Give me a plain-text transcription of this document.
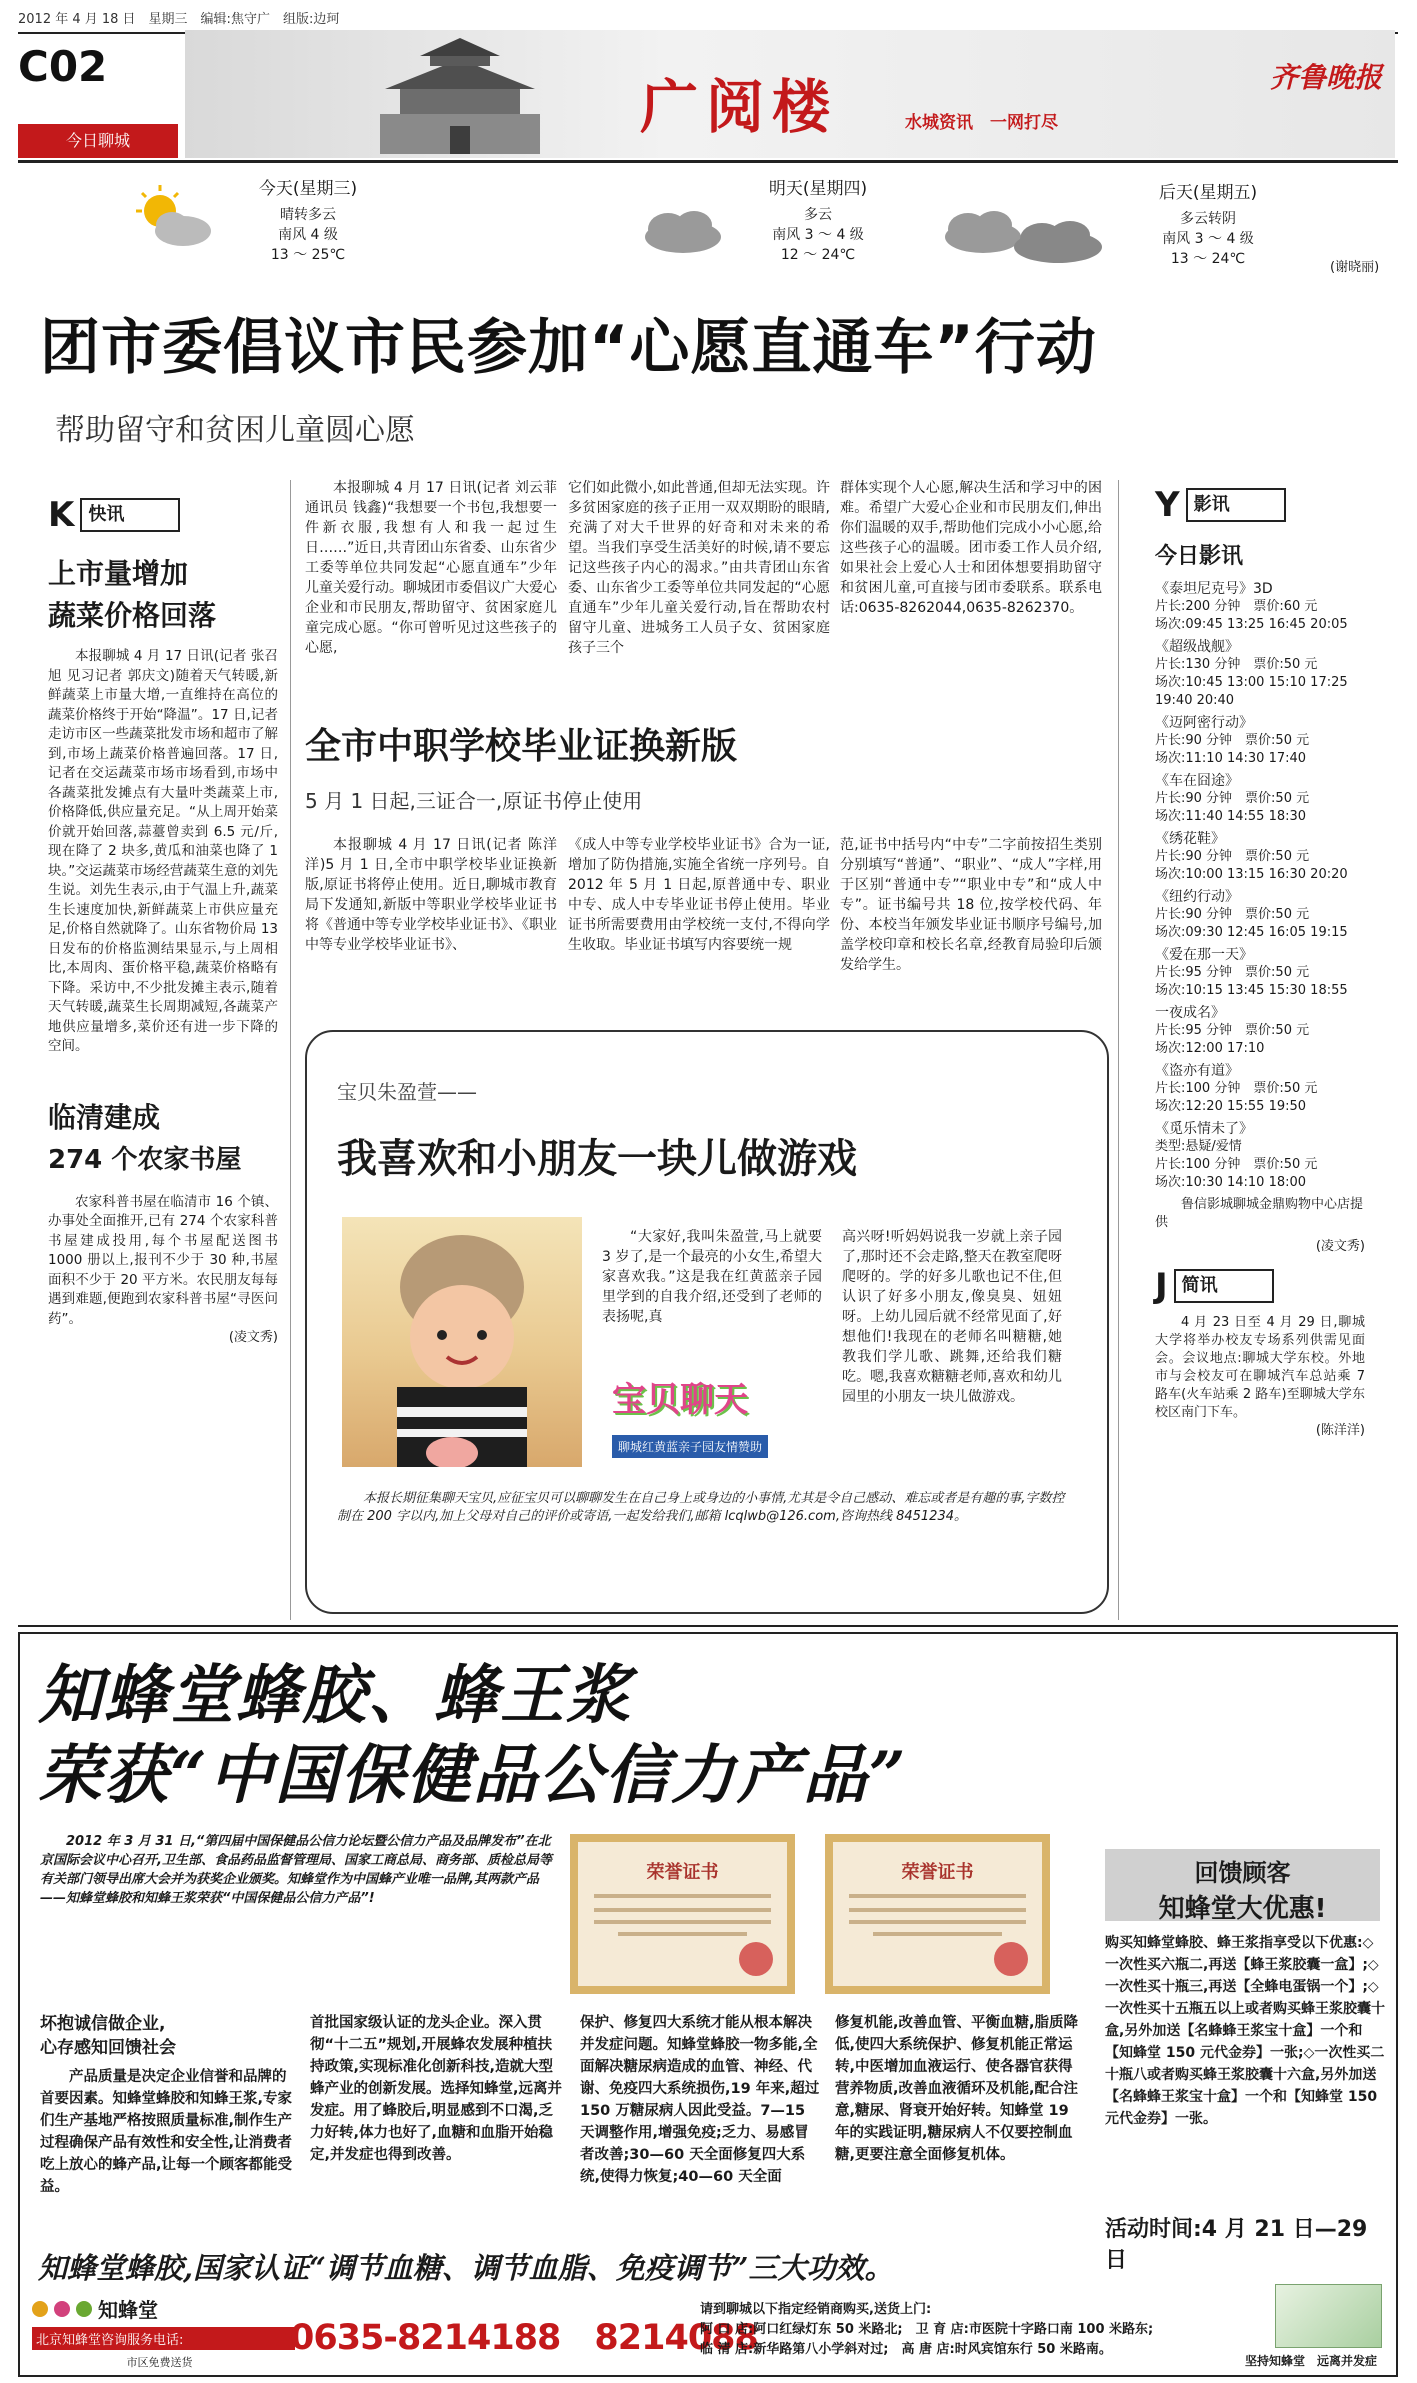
2012 年 4 月 18 日　星期三　编辑:焦守广　组版:边珂
C02
今日聊城	广阅楼	水城资讯　一网打尽
齐鲁晚报
今天(星期三)
晴转多云
南风 4 级
13 ～ 25℃
明天(星期四)
多云
南风 3 ～ 4 级
12 ～ 24℃
后天(星期五)
多云转阴
南风 3 ～ 4 级
13 ～ 24℃
(谢晓丽)
团市委倡议市民参加“心愿直通车”行动
帮助留守和贫困儿童圆心愿
K 快讯
上市量增加
蔬菜价格回落
本报聊城 4 月 17 日讯(记者 张召旭 见习记者 郭庆文)随着天气转暖,新鲜蔬菜上市量大增,一直维持在高位的蔬菜价格终于开始“降温”。17 日,记者走访市区一些蔬菜批发市场和超市了解到,市场上蔬菜价格普遍回落。17 日,记者在交运蔬菜市场市场看到,市场中各蔬菜批发摊点有大量叶类蔬菜上市,价格降低,供应量充足。“从上周开始菜价就开始回落,蒜薹曾卖到 6.5 元/斤,现在降了 2 块多,黄瓜和油菜也降了 1 块。”交运蔬菜市场经营蔬菜生意的刘先生说。刘先生表示,由于气温上升,蔬菜生长速度加快,新鲜蔬菜上市供应量充足,价格自然就降了。山东省物价局 13 日发布的价格监测结果显示,与上周相比,本周肉、蛋价格平稳,蔬菜价格略有下降。采访中,不少批发摊主表示,随着天气转暖,蔬菜生长周期减短,各蔬菜产地供应量增多,菜价还有进一步下降的空间。
临清建成
274 个农家书屋
农家科普书屋在临清市 16 个镇、办事处全面推开,已有 274 个农家科普书屋建成投用,每个书屋配送图书 1000 册以上,报刊不少于 30 种,书屋面积不少于 20 平方米。农民朋友每每遇到难题,便跑到农家科普书屋“寻医问药”。
(凌文秀)
本报聊城 4 月 17 日讯(记者 刘云菲 通讯员 钱鑫)“我想要一个书包,我想要一件新衣服,我想有人和我一起过生日……”近日,共青团山东省委、山东省少工委等单位共同发起“心愿直通车”少年儿童关爱行动。聊城团市委倡议广大爱心企业和市民朋友,帮助留守、贫困家庭儿童完成心愿。“你可曾听见过这些孩子的心愿,
它们如此微小,如此普通,但却无法实现。许多贫困家庭的孩子正用一双双期盼的眼睛,充满了对大千世界的好奇和对未来的希望。当我们享受生活美好的时候,请不要忘记这些孩子内心的渴求。”由共青团山东省委、山东省少工委等单位共同发起的“心愿直通车”少年儿童关爱行动,旨在帮助农村留守儿童、进城务工人员子女、贫困家庭孩子三个
群体实现个人心愿,解决生活和学习中的困难。希望广大爱心企业和市民朋友们,伸出你们温暖的双手,帮助他们完成小小心愿,给这些孩子心的温暖。团市委工作人员介绍,如果社会上爱心人士和团体想要捐助留守和贫困儿童,可直接与团市委联系。联系电话:0635-8262044,0635-8262370。
全市中职学校毕业证换新版
5 月 1 日起,三证合一,原证书停止使用
本报聊城 4 月 17 日讯(记者 陈洋洋)5 月 1 日,全市中职学校毕业证换新版,原证书将停止使用。近日,聊城市教育局下发通知,新版中等职业学校毕业证书将《普通中等专业学校毕业证书》、《职业中等专业学校毕业证书》、
《成人中等专业学校毕业证书》合为一证,增加了防伪措施,实施全省统一序列号。自 2012 年 5 月 1 日起,原普通中专、职业中专、成人中专毕业证书停止使用。毕业证书所需要费用由学校统一支付,不得向学生收取。毕业证书填写内容要统一规
范,证书中括号内“中专”二字前按招生类别分别填写“普通”、“职业”、“成人”字样,用于区别“普通中专”“职业中专”和“成人中专”。证书编号共 18 位,按学校代码、年份、本校当年颁发毕业证书顺序号编号,加盖学校印章和校长名章,经教育局验印后颁发给学生。
宝贝朱盈萱——
我喜欢和小朋友一块儿做游戏
“大家好,我叫朱盈萱,马上就要 3 岁了,是一个最亮的小女生,希望大家喜欢我。”这是我在红黄蓝亲子园里学到的自我介绍,还受到了老师的表扬呢,真
高兴呀!听妈妈说我一岁就上亲子园了,那时还不会走路,整天在教室爬呀爬呀的。学的好多儿歌也记不住,但认识了好多小朋友,像臭臭、妞妞呀。上幼儿园后就不经常见面了,好想他们!我现在的老师名叫糖糖,她教我们学儿歌、跳舞,还给我们糖吃。嗯,我喜欢糖糖老师,喜欢和幼儿园里的小朋友一块儿做游戏。
宝贝聊天
聊城红黄蓝亲子园友情赞助
本报长期征集聊天宝贝,应征宝贝可以聊聊发生在自己身上或身边的小事情,尤其是令自己感动、难忘或者是有趣的事,字数控制在 200 字以内,加上父母对自己的评价或寄语,一起发给我们,邮箱 lcqlwb@126.com,咨询热线 8451234。
Y 影讯
今日影讯
《泰坦尼克号》3D
片长:200 分钟　票价:60 元
场次:09:45 13:25 16:45 20:05
《超级战舰》
片长:130 分钟　票价:50 元
场次:10:45 13:00 15:10 17:25 19:40 20:40
《迈阿密行动》
片长:90 分钟　票价:50 元
场次:11:10 14:30 17:40
《车在囧途》
片长:90 分钟　票价:50 元
场次:11:40 14:55 18:30
《绣花鞋》
片长:90 分钟　票价:50 元
场次:10:00 13:15 16:30 20:20
《纽约行动》
片长:90 分钟　票价:50 元
场次:09:30 12:45 16:05 19:15
《爱在那一天》
片长:95 分钟　票价:50 元
场次:10:15 13:45 15:30 18:55
一夜成名》
片长:95 分钟　票价:50 元
场次:12:00 17:10
《盗亦有道》
片长:100 分钟　票价:50 元
场次:12:20 15:55 19:50
《觅乐情未了》
类型:悬疑/爱情
片长:100 分钟　票价:50 元
场次:10:30 14:10 18:00
鲁信影城聊城金鼎购物中心店提供
(凌文秀)
J 简讯
4 月 23 日至 4 月 29 日,聊城大学将举办校友专场系列供需见面会。会议地点:聊城大学东校。外地市与会校友可在聊城汽车总站乘 7 路车(火车站乘 2 路车)至聊城大学东校区南门下车。
(陈洋洋)
知蜂堂蜂胶、蜂王浆
荣获“中国保健品公信力产品”
2012 年 3 月 31 日,“第四届中国保健品公信力论坛暨公信力产品及品牌发布”在北京国际会议中心召开,卫生部、食品药品监督管理局、国家工商总局、商务部、质检总局等有关部门领导出席大会并为获奖企业颁奖。知蜂堂作为中国蜂产业唯一品牌,其两款产品——知蜂堂蜂胶和知蜂王浆荣获“中国保健品公信力产品”!
荣誉证书	荣誉证书	回馈顾客
知蜂堂大优惠!
购买知蜂堂蜂胶、蜂王浆指享受以下优惠:◇一次性买六瓶二,再送【蜂王浆胶囊一盒】;◇一次性买十瓶三,再送【全蜂电蛋锅一个】;◇一次性买十五瓶五以上或者购买蜂王浆胶囊十盒,另外加送【名蜂蜂王浆宝十盒】一个和【知蜂堂 150 元代金券】一张;◇一次性买二十瓶八或者购买蜂王浆胶囊十六盒,另外加送【名蜂蜂王浆宝十盒】一个和【知蜂堂 150 元代金券】一张。
活动时间:4 月 21 日—29 日
坏抱诚信做企业,
心存感知回馈社会
产品质量是决定企业信誉和品牌的首要因素。知蜂堂蜂胶和知蜂王浆,专家们生产基地严格按照质量标准,制作生产过程确保产品有效性和安全性,让消费者吃上放心的蜂产品,让每一个顾客都能受益。
首批国家级认证的龙头企业。深入贯彻“十二五”规划,开展蜂农发展种植扶持政策,实现标准化创新科技,造就大型蜂产业的创新发展。选择知蜂堂,远离并发症。用了蜂胶后,明显感到不口渴,乏力好转,体力也好了,血糖和血脂开始稳定,并发症也得到改善。
保护、修复四大系统才能从根本解决并发症问题。知蜂堂蜂胶一物多能,全面解决糖尿病造成的血管、神经、代谢、免疫四大系统损伤,19 年来,超过 150 万糖尿病人因此受益。7—15 天调整作用,增强免疫;乏力、易感冒者改善;30—60 天全面修复四大系统,使得力恢复;40—60 天全面
修复机能,改善血管、平衡血糖,脂质降低,使四大系统保护、修复机能正常运转,中医增加血液运行、使各器官获得营养物质,改善血液循环及机能,配合注意,糖尿、肾衰开始好转。知蜂堂 19 年的实践证明,糖尿病人不仅要控制血糖,更要注意全面修复机体。
知蜂堂蜂胶,国家认证“调节血糖、调节血脂、免疫调节”三大功效。
知蜂堂
北京知蜂堂咨询服务电话:
市区免费送货
0635-8214188　8214088
请到聊城以下指定经销商购买,送货上门:
阿 口 店:阿口红绿灯东 50 米路北;　卫 育 店:市医院十字路口南 100 米路东;
临 清 店:新华路第八小学斜对过;　高 唐 店:时风宾馆东行 50 米路南。
坚持知蜂堂　远离并发症
